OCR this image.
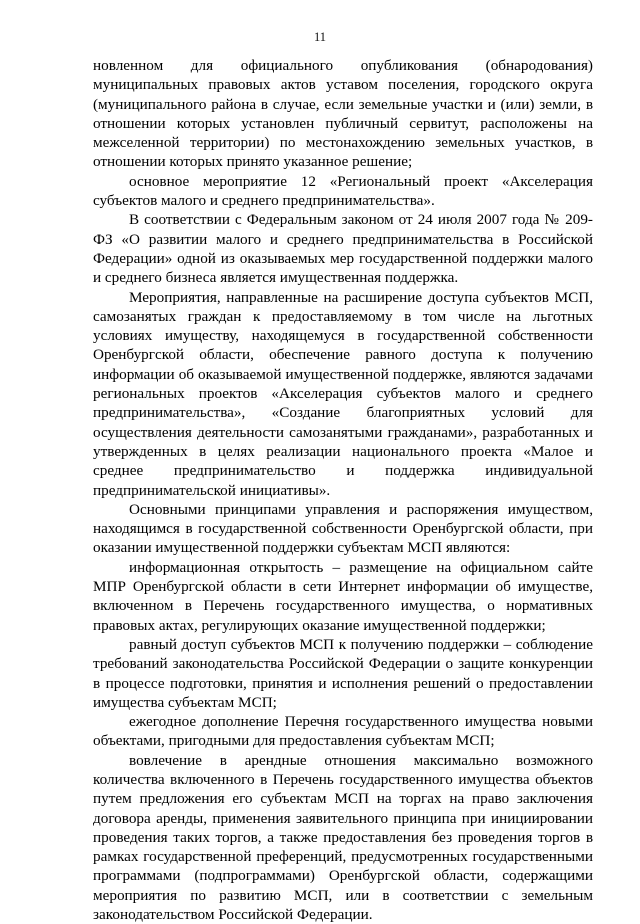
11

новленном для официального опубликования (обнародования) муниципальных правовых актов уставом поселения, городского округа (муниципального района в случае, если земельные участки и (или) земли, в отношении которых установлен публичный сервитут, расположены на межселенной территории) по местонахождению земельных участков, в отношении которых принято указанное решение;

основное мероприятие 12 «Региональный проект «Акселерация субъектов малого и среднего предпринимательства».

В соответствии с Федеральным законом от 24 июля 2007 года № 209-ФЗ «О развитии малого и среднего предпринимательства в Российской Федерации» одной из оказываемых мер государственной поддержки малого и среднего бизнеса является имущественная поддержка.

Мероприятия, направленные на расширение доступа субъектов МСП, самозанятых граждан к предоставляемому в том числе на льготных условиях имуществу, находящемуся в государственной собственности Оренбургской области, обеспечение равного доступа к получению информации об оказываемой имущественной поддержке, являются задачами региональных проектов «Акселерация субъектов малого и среднего предпринимательства», «Создание благоприятных условий для осуществления деятельности самозанятыми гражданами», разработанных и утвержденных в целях реализации национального проекта «Малое и среднее предпринимательство и поддержка индивидуальной предпринимательской инициативы».

Основными принципами управления и распоряжения имуществом, находящимся в государственной собственности Оренбургской области, при оказании имущественной поддержки субъектам МСП являются:

информационная открытость – размещение на официальном сайте МПР Оренбургской области в сети Интернет информации об имуществе, включенном в Перечень государственного имущества, о нормативных правовых актах, регулирующих оказание имущественной поддержки;

равный доступ субъектов МСП к получению поддержки – соблюдение требований законодательства Российской Федерации о защите конкуренции в процессе подготовки, принятия и исполнения решений о предоставлении имущества субъектам МСП;

ежегодное дополнение Перечня государственного имущества новыми объектами, пригодными для предоставления субъектам МСП;

вовлечение в арендные отношения максимально возможного количества включенного в Перечень государственного имущества объектов путем предложения его субъектам МСП на торгах на право заключения договора аренды, применения заявительного принципа при инициировании проведения таких торгов, а также предоставления без проведения торгов в рамках государственной преференций, предусмотренных государственными программами (подпрограммами) Оренбургской области, содержащими мероприятия по развитию МСП, или в соответствии с земельным законодательством Российской Федерации.
